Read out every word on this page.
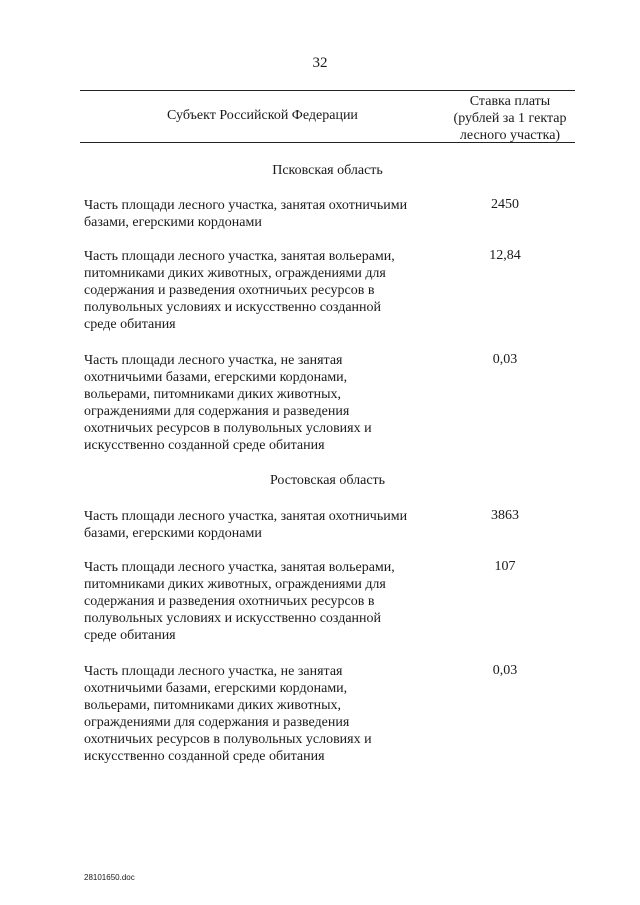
32
Субъект Российской Федерации
Ставка платы
(рублей за 1 гектар
лесного участка)
Псковская область
Часть площади лесного участка, занятая охотничьими
базами, егерскими кордонами
2450
Часть площади лесного участка, занятая вольерами,
питомниками диких животных, ограждениями для
содержания и разведения охотничьих ресурсов в
полувольных условиях и искусственно созданной
среде обитания
12,84
Часть площади лесного участка, не занятая
охотничьими базами, егерскими кордонами,
вольерами, питомниками диких животных,
ограждениями для содержания и разведения
охотничьих ресурсов в полувольных условиях и
искусственно созданной среде обитания
0,03
Ростовская область
Часть площади лесного участка, занятая охотничьими
базами, егерскими кордонами
3863
Часть площади лесного участка, занятая вольерами,
питомниками диких животных, ограждениями для
содержания и разведения охотничьих ресурсов в
полувольных условиях и искусственно созданной
среде обитания
107
Часть площади лесного участка, не занятая
охотничьими базами, егерскими кордонами,
вольерами, питомниками диких животных,
ограждениями для содержания и разведения
охотничьих ресурсов в полувольных условиях и
искусственно созданной среде обитания
0,03
28101650.doc
